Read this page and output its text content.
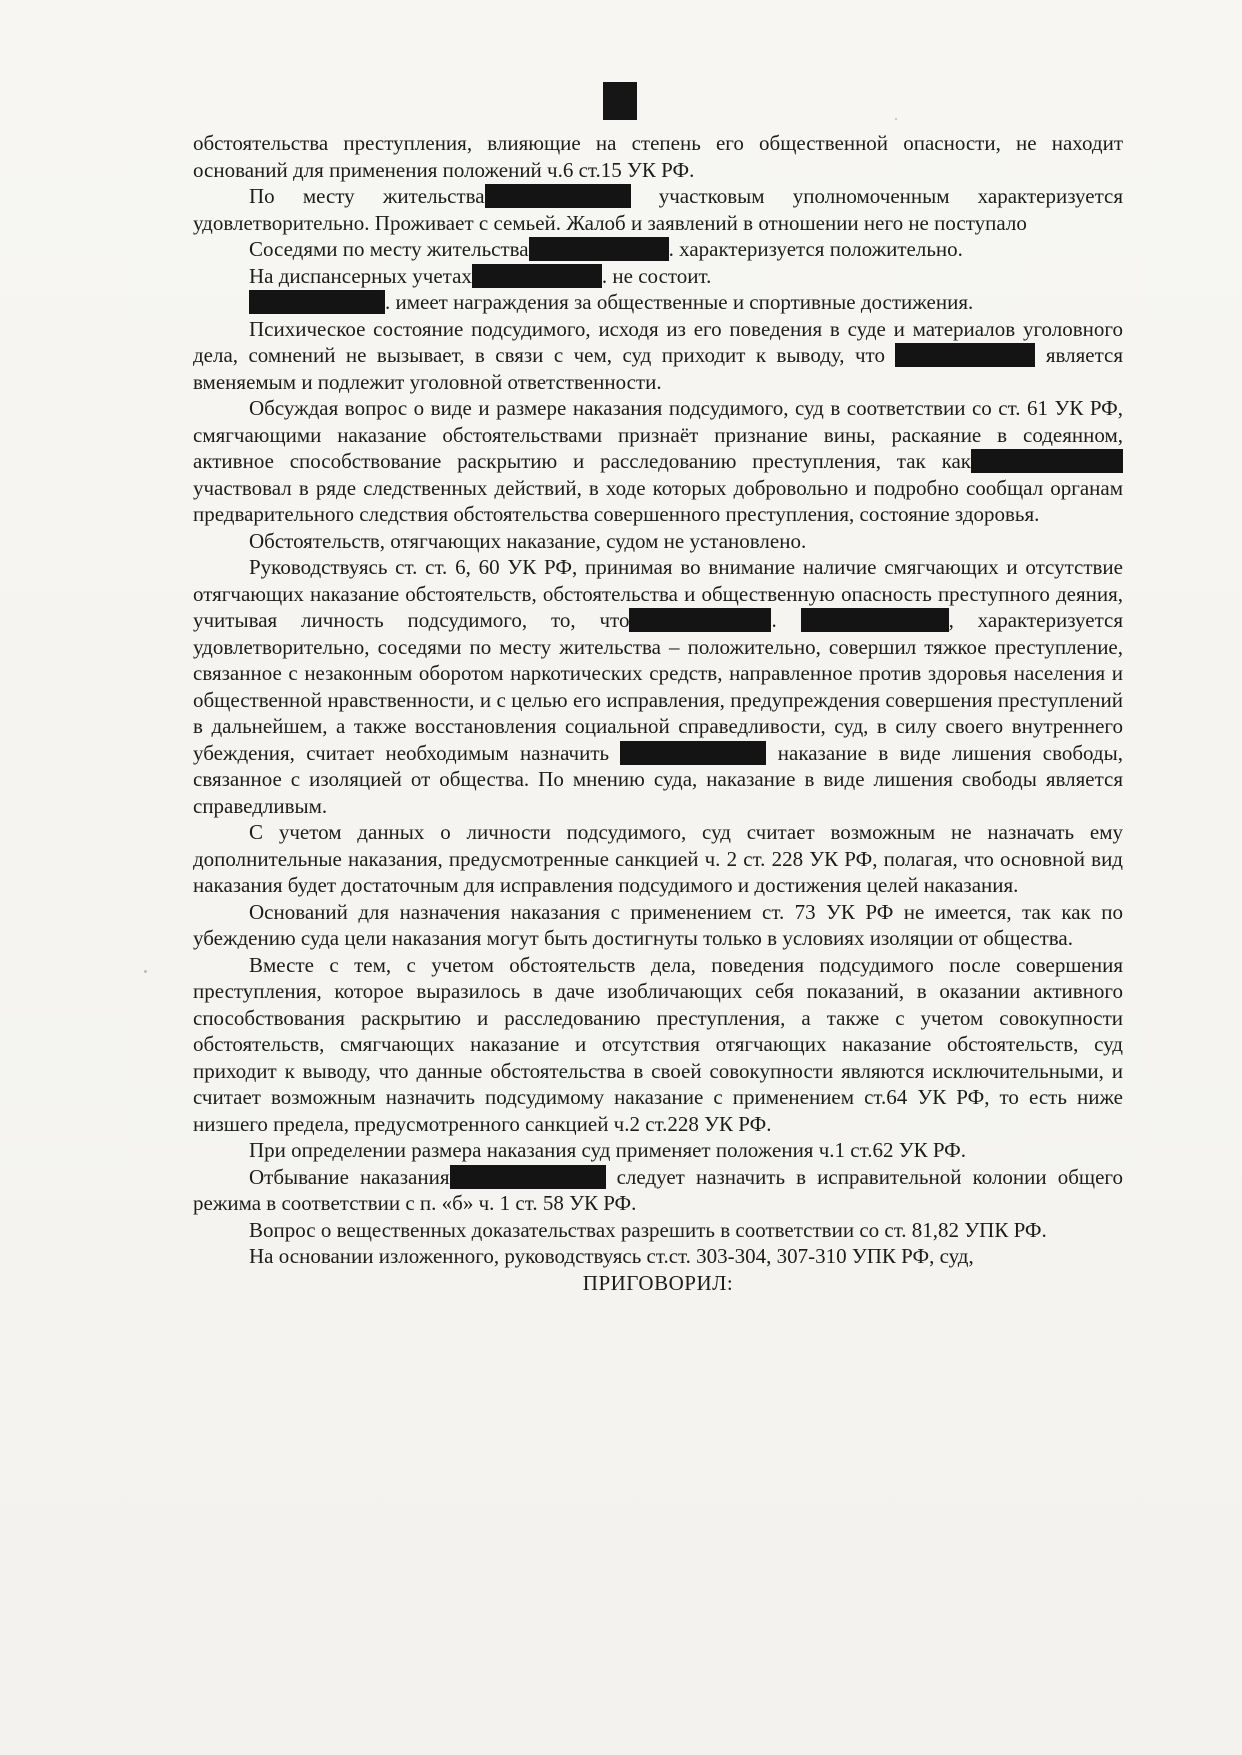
обстоятельства преступления, влияющие на степень его общественной опасности, не находит оснований для применения положений ч.6 ст.15 УК РФ.

По месту жительства	участковым уполномоченным характеризуется удовлетворительно. Проживает с семьей. Жалоб и заявлений в отношении него не поступало

Соседями по месту жительства	. характеризуется положительно.

На диспансерных учетах	. не состоит.

. имеет награждения за общественные и спортивные достижения.

Психическое состояние подсудимого, исходя из его поведения в суде и материалов уголовного дела, сомнений не вызывает, в связи с чем, суд приходит к выводу, что	является вменяемым и подлежит уголовной ответственности.

Обсуждая вопрос о виде и размере наказания подсудимого, суд в соответствии со ст. 61 УК РФ, смягчающими наказание обстоятельствами признаёт признание вины, раскаяние в содеянном, активное способствование раскрытию и расследованию преступления, так как участвовал в ряде следственных действий, в ходе которых добровольно и подробно сообщал органам предварительного следствия обстоятельства совершенного преступления, состояние здоровья.

Обстоятельств, отягчающих наказание, судом не установлено.

Руководствуясь ст. ст. 6, 60 УК РФ, принимая во внимание наличие смягчающих и отсутствие отягчающих наказание обстоятельств, обстоятельства и общественную опасность преступного деяния, учитывая личность подсудимого, то, что	.	, характеризуется удовлетворительно, соседями по месту жительства – положительно, совершил тяжкое преступление, связанное с незаконным оборотом наркотических средств, направленное против здоровья населения и общественной нравственности, и с целью его исправления, предупреждения совершения преступлений в дальнейшем, а также восстановления социальной справедливости, суд, в силу своего внутреннего убеждения, считает необходимым назначить	наказание в виде лишения свободы, связанное с изоляцией от общества. По мнению суда, наказание в виде лишения свободы является справедливым.

С учетом данных о личности подсудимого, суд считает возможным не назначать ему дополнительные наказания, предусмотренные санкцией ч. 2 ст. 228 УК РФ, полагая, что основной вид наказания будет достаточным для исправления подсудимого и достижения целей наказания.

Оснований для назначения наказания с применением ст. 73 УК РФ не имеется, так как по убеждению суда цели наказания могут быть достигнуты только в условиях изоляции от общества.

Вместе с тем, с учетом обстоятельств дела, поведения подсудимого после совершения преступления, которое выразилось в даче изобличающих себя показаний, в оказании активного способствования раскрытию и расследованию преступления, а также с учетом совокупности обстоятельств, смягчающих наказание и отсутствия отягчающих наказание обстоятельств, суд приходит к выводу, что данные обстоятельства в своей совокупности являются исключительными, и считает возможным назначить подсудимому наказание с применением ст.64 УК РФ, то есть ниже низшего предела, предусмотренного санкцией ч.2 ст.228 УК РФ.

При определении размера наказания суд применяет положения ч.1 ст.62 УК РФ.

Отбывание наказания	следует назначить в исправительной колонии общего режима в соответствии с п. «б» ч. 1 ст. 58 УК РФ.

Вопрос о вещественных доказательствах разрешить в соответствии со ст. 81,82 УПК РФ.

На основании изложенного, руководствуясь ст.ст. 303-304, 307-310 УПК РФ, суд,

ПРИГОВОРИЛ:
